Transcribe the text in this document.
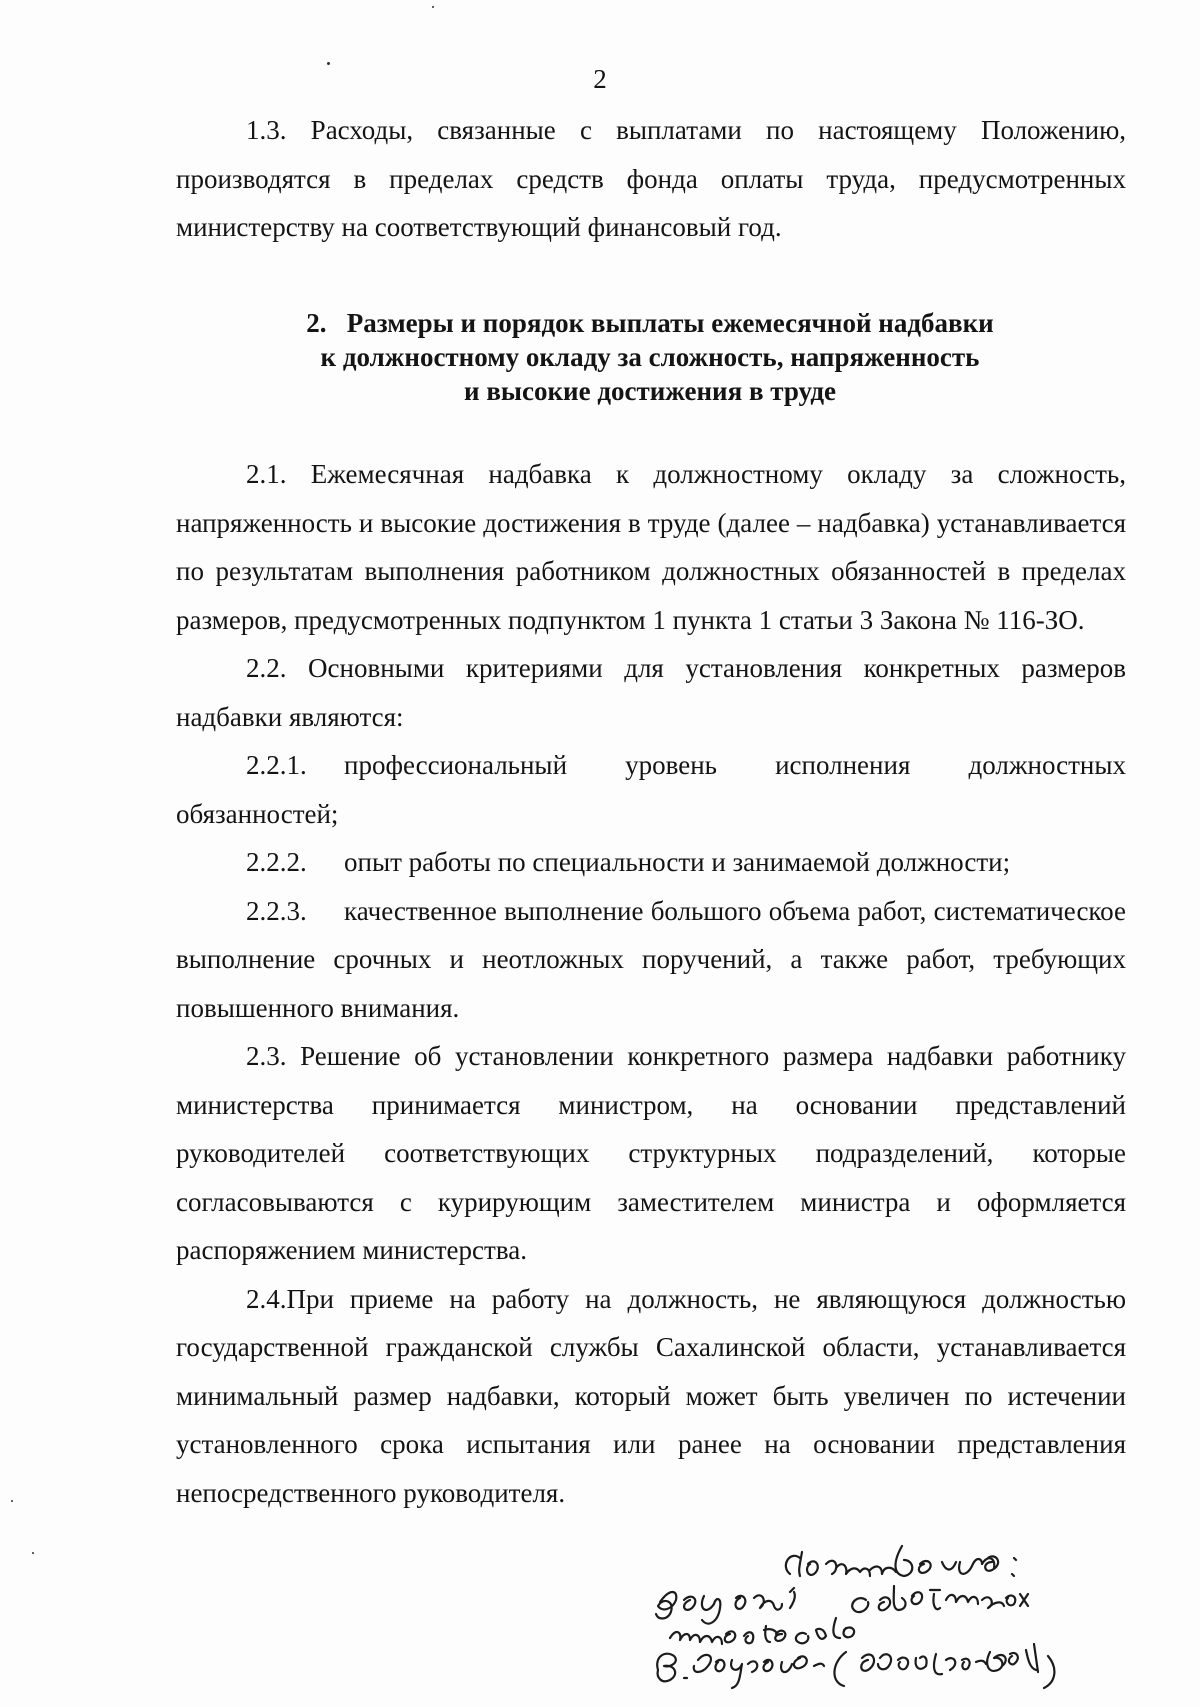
2

1.3. Расходы, связанные с выплатами по настоящему Положению, производятся в пределах средств фонда оплаты труда, предусмотренных министерству на соответствующий финансовый год.

2.  Размеры и порядок выплаты ежемесячной надбавки
к должностному окладу за сложность, напряженность
и высокие достижения в труде

2.1. Ежемесячная надбавка к должностному окладу за сложность, напряженность и высокие достижения в труде (далее – надбавка) устанавливается по результатам выполнения работником должностных обязанностей в пределах размеров, предусмотренных подпунктом 1 пункта 1 статьи 3 Закона № 116-ЗО.

2.2. Основными критериями для установления конкретных размеров надбавки являются:

2.2.1. профессиональный уровень исполнения должностных обязанностей;

2.2.2. опыт работы по специальности и занимаемой должности;

2.2.3. качественное выполнение большого объема работ, систематическое выполнение срочных и неотложных поручений, а также работ, требующих повышенного внимания.

2.3. Решение об установлении конкретного размера надбавки работнику министерства принимается министром, на основании представлений руководителей соответствующих структурных подразделений, которые согласовываются с курирующим заместителем министра и оформляется распоряжением министерства.

2.4.При приеме на работу на должность, не являющуюся должностью государственной гражданской службы Сахалинской области, устанавливается минимальный размер надбавки, который может быть увеличен по истечении установленного срока испытания или ранее на основании представления непосредственного руководителя.
